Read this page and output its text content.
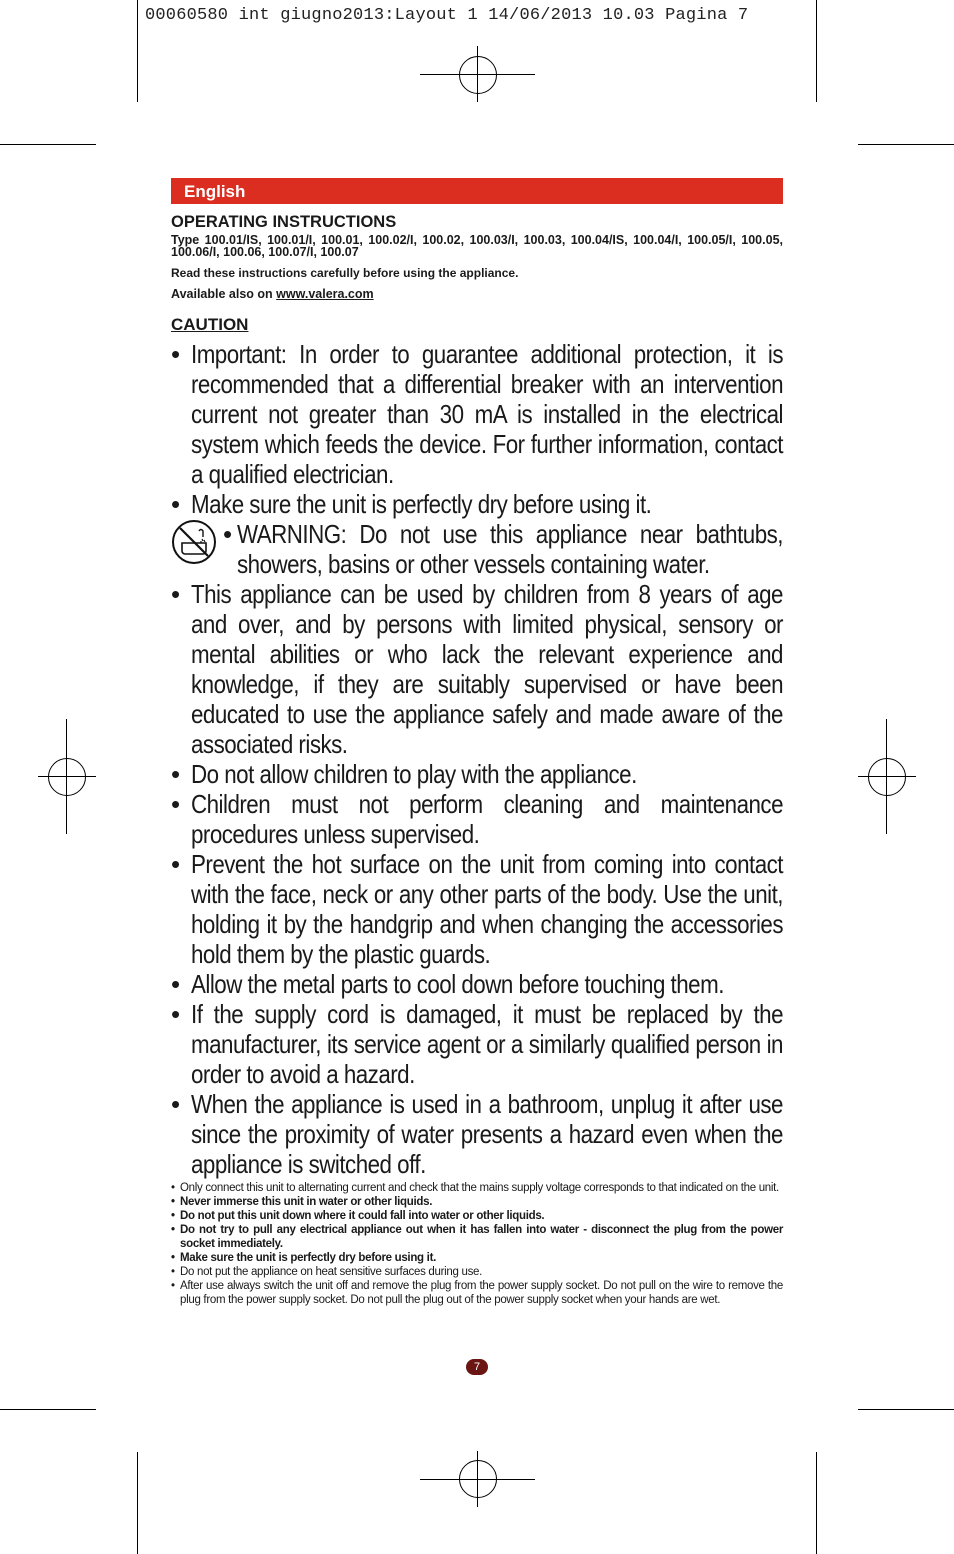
00060580 int giugno2013:Layout 1 14/06/2013 10.03 Pagina 7
English
OPERATING INSTRUCTIONS
Type 100.01/IS, 100.01/I, 100.01, 100.02/I, 100.02, 100.03/I, 100.03, 100.04/IS, 100.04/I, 100.05/I, 100.05, 100.06/I, 100.06, 100.07/I, 100.07
Read these instructions carefully before using the appliance.
Available also on www.valera.com
CAUTION
• Important: In order to guarantee additional protection, it is recommended that a differential breaker with an intervention current not greater than 30 mA is installed in the electrical system which feeds the device. For further information, contact a qualified electrician.
• Make sure the unit is perfectly dry before using it.
• WARNING: Do not use this appliance near bathtubs, showers, basins or other vessels containing water.
• This appliance can be used by children from 8 years of age and over, and by persons with limited physical, sensory or mental abilities or who lack the relevant experience and knowledge, if they are suitably supervised or have been educated to use the appliance safely and made aware of the associated risks.
• Do not allow children to play with the appliance.
• Children must not perform cleaning and maintenance procedures unless supervised.
• Prevent the hot surface on the unit from coming into contact with the face, neck or any other parts of the body. Use the unit, holding it by the handgrip and when changing the accessories hold them by the plastic guards.
• Allow the metal parts to cool down before touching them.
• If the supply cord is damaged, it must be replaced by the manufacturer, its service agent or a similarly qualified person in order to avoid a hazard.
• When the appliance is used in a bathroom, unplug it after use since the proximity of water presents a hazard even when the appliance is switched off.
• Only connect this unit to alternating current and check that the mains supply voltage corresponds to that indicated on the unit.
• Never immerse this unit in water or other liquids.
• Do not put this unit down where it could fall into water or other liquids.
• Do not try to pull any electrical appliance out when it has fallen into water - disconnect the plug from the power socket immediately.
• Make sure the unit is perfectly dry before using it.
• Do not put the appliance on heat sensitive surfaces during use.
• After use always switch the unit off and remove the plug from the power supply socket. Do not pull on the wire to remove the plug from the power supply socket. Do not pull the plug out of the power supply socket when your hands are wet.
7
